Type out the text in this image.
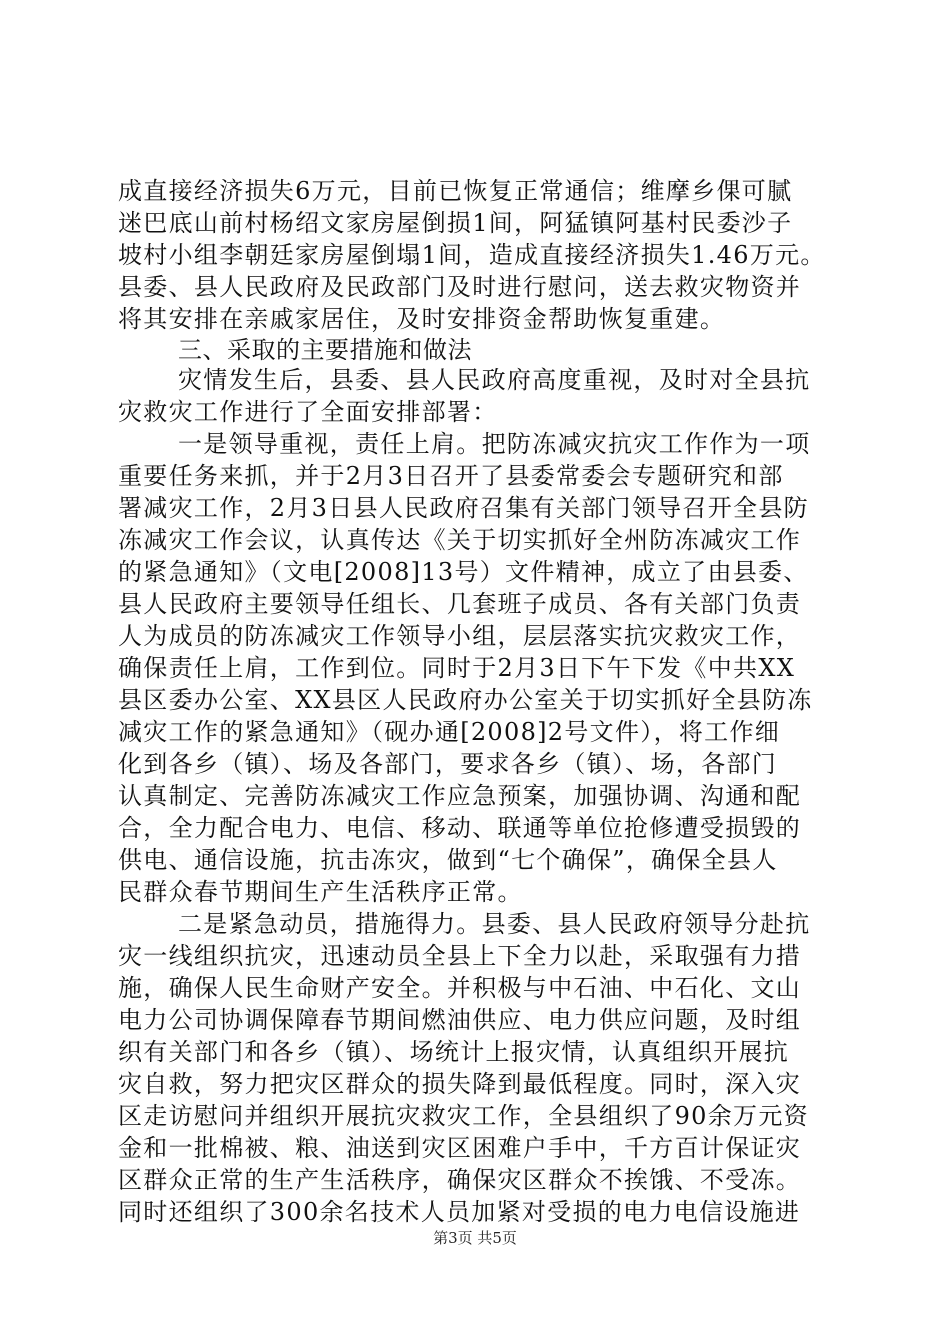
成直接经济损失6万元，目前已恢复正常通信；维摩乡倮可腻
迷巴底山前村杨绍文家房屋倒损1间，阿猛镇阿基村民委沙子
坡村小组李朝廷家房屋倒塌1间，造成直接经济损失1.46万元。
县委、县人民政府及民政部门及时进行慰问，送去救灾物资并
将其安排在亲戚家居住，及时安排资金帮助恢复重建。
三、采取的主要措施和做法
灾情发生后，县委、县人民政府高度重视，及时对全县抗
灾救灾工作进行了全面安排部署：
一是领导重视，责任上肩。把防冻减灾抗灾工作作为一项
重要任务来抓，并于2月3日召开了县委常委会专题研究和部
署减灾工作，2月3日县人民政府召集有关部门领导召开全县防
冻减灾工作会议，认真传达《关于切实抓好全州防冻减灾工作
的紧急通知》（文电[2008]13号）文件精神，成立了由县委、
县人民政府主要领导任组长、几套班子成员、各有关部门负责
人为成员的防冻减灾工作领导小组，层层落实抗灾救灾工作，
确保责任上肩，工作到位。同时于2月3日下午下发《中共XX
县区委办公室、XX县区人民政府办公室关于切实抓好全县防冻
减灾工作的紧急通知》（砚办通[2008]2号文件），将工作细
化到各乡（镇）、场及各部门，要求各乡（镇）、场，各部门
认真制定、完善防冻减灾工作应急预案，加强协调、沟通和配
合，全力配合电力、电信、移动、联通等单位抢修遭受损毁的
供电、通信设施，抗击冻灾，做到“七个确保”，确保全县人
民群众春节期间生产生活秩序正常。
二是紧急动员，措施得力。县委、县人民政府领导分赴抗
灾一线组织抗灾，迅速动员全县上下全力以赴，采取强有力措
施，确保人民生命财产安全。并积极与中石油、中石化、文山
电力公司协调保障春节期间燃油供应、电力供应问题，及时组
织有关部门和各乡（镇）、场统计上报灾情，认真组织开展抗
灾自救，努力把灾区群众的损失降到最低程度。同时，深入灾
区走访慰问并组织开展抗灾救灾工作，全县组织了90余万元资
金和一批棉被、粮、油送到灾区困难户手中，千方百计保证灾
区群众正常的生产生活秩序，确保灾区群众不挨饿、不受冻。
同时还组织了300余名技术人员加紧对受损的电力电信设施进
第3页 共5页
